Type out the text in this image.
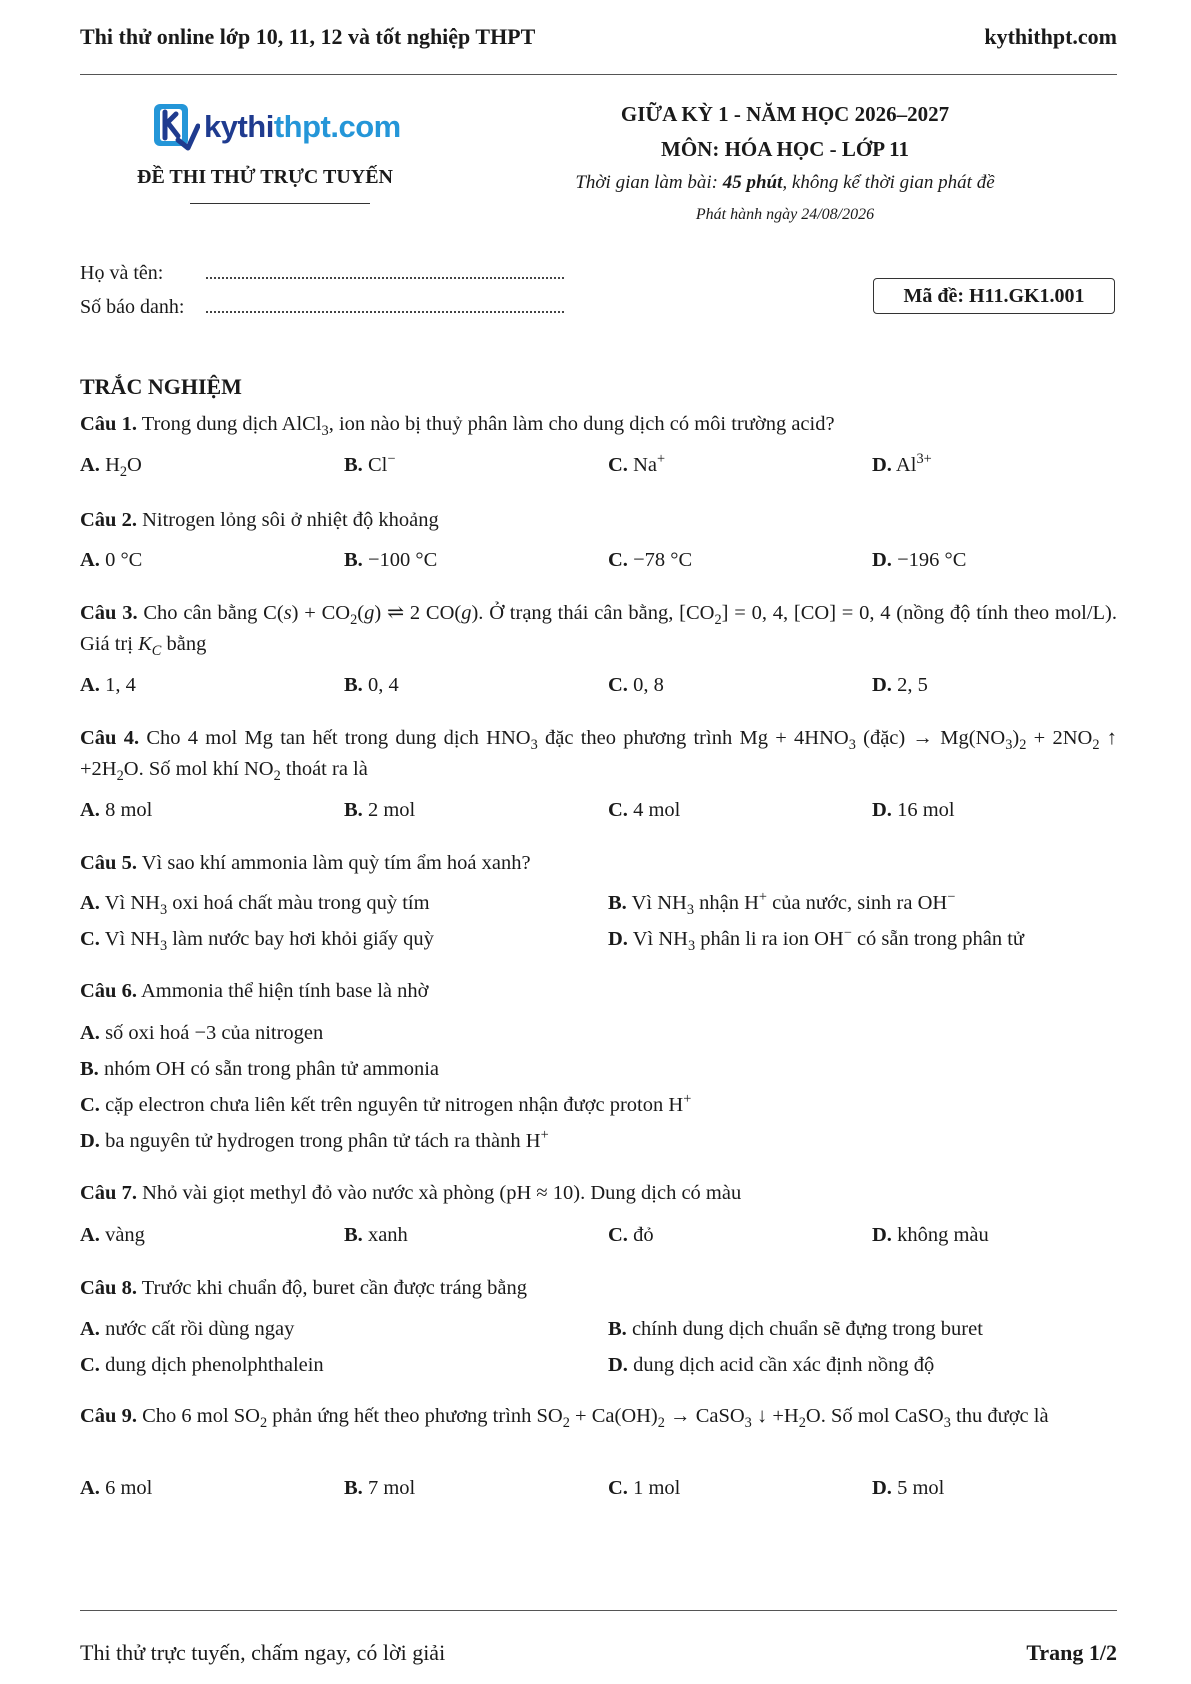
Thi thử online lớp 10, 11, 12 và tốt nghiệp THPT	kythithpt.com
kythithpt.com
ĐỀ THI THỬ TRỰC TUYẾN
GIỮA KỲ 1 - NĂM HỌC 2026–2027
MÔN: HÓA HỌC - LỚP 11
Thời gian làm bài: 45 phút, không kể thời gian phát đề
Phát hành ngày 24/08/2026
Họ và tên:
Số báo danh:
Mã đề:
H11.GK1.001
TRẮC NGHIỆM
Câu 1. Trong dung dịch AlCl$_3$, ion nào bị thuỷ phân làm cho dung dịch có môi trường acid?
A. $H_2O$	B. Cl−	C. Na+	D. $Al^{3+}$
Câu 2. Nitrogen lỏng sôi ở nhiệt độ khoảng
A. 0 °C	B. −100 °C	C. −78 °C	D. −196 °C
Câu 3. Cho cân bằng $C(s) + CO_2(g)$ ⇌ 2 CO(g). Ở trạng thái cân bằng, $[CO_2] = 0$, 4, [CO] = 0, 4 (nồng độ tính theo mol/L). Giá trị $K_C$ bằng
A. 1, 4	B. 0, 4	C. 0, 8	D. 2, 5
Câu 4. Cho 4 mol Mg tan hết trong dung dịch $HNO_3$ đặc theo phương trình $Mg + 4HNO_3$ (đặc) → $Mg(NO_3)_2 + 2NO_2$ ↑ $+2H_2O$. Số mol khí $NO_2$ thoát ra là
A. 8 mol	B. 2 mol	C. 4 mol	D. 16 mol
Câu 5. Vì sao khí ammonia làm quỳ tím ẩm hoá xanh?
A. Vì $NH_3$ oxi hoá chất màu trong quỳ tím	B. Vì $NH_3$ nhận H+ của nước, sinh ra OH−
C. Vì $NH_3$ làm nước bay hơi khỏi giấy quỳ	D. Vì $NH_3$ phân li ra ion OH− có sẵn trong phân tử
Câu 6. Ammonia thể hiện tính base là nhờ
A. số oxi hoá −3 của nitrogen
B. nhóm OH có sẵn trong phân tử ammonia
C. cặp electron chưa liên kết trên nguyên tử nitrogen nhận được proton H+
D. ba nguyên tử hydrogen trong phân tử tách ra thành H+
Câu 7. Nhỏ vài giọt methyl đỏ vào nước xà phòng (pH ≈ 10). Dung dịch có màu
A. vàng	B. xanh	C. đỏ	D. không màu
Câu 8. Trước khi chuẩn độ, buret cần được tráng bằng
A. nước cất rồi dùng ngay	B. chính dung dịch chuẩn sẽ đựng trong buret
C. dung dịch phenolphthalein	D. dung dịch acid cần xác định nồng độ
Câu 9. Cho 6 mol $SO_2$ phản ứng hết theo phương trình $SO_2 + Ca(OH)_2$ → CaSO$_3$ ↓ $+H_2O$. Số mol CaSO$_3$ thu được là
A. 6 mol	B. 7 mol	C. 1 mol	D. 5 mol
Thi thử trực tuyến, chấm ngay, có lời giải	Trang 1/2
